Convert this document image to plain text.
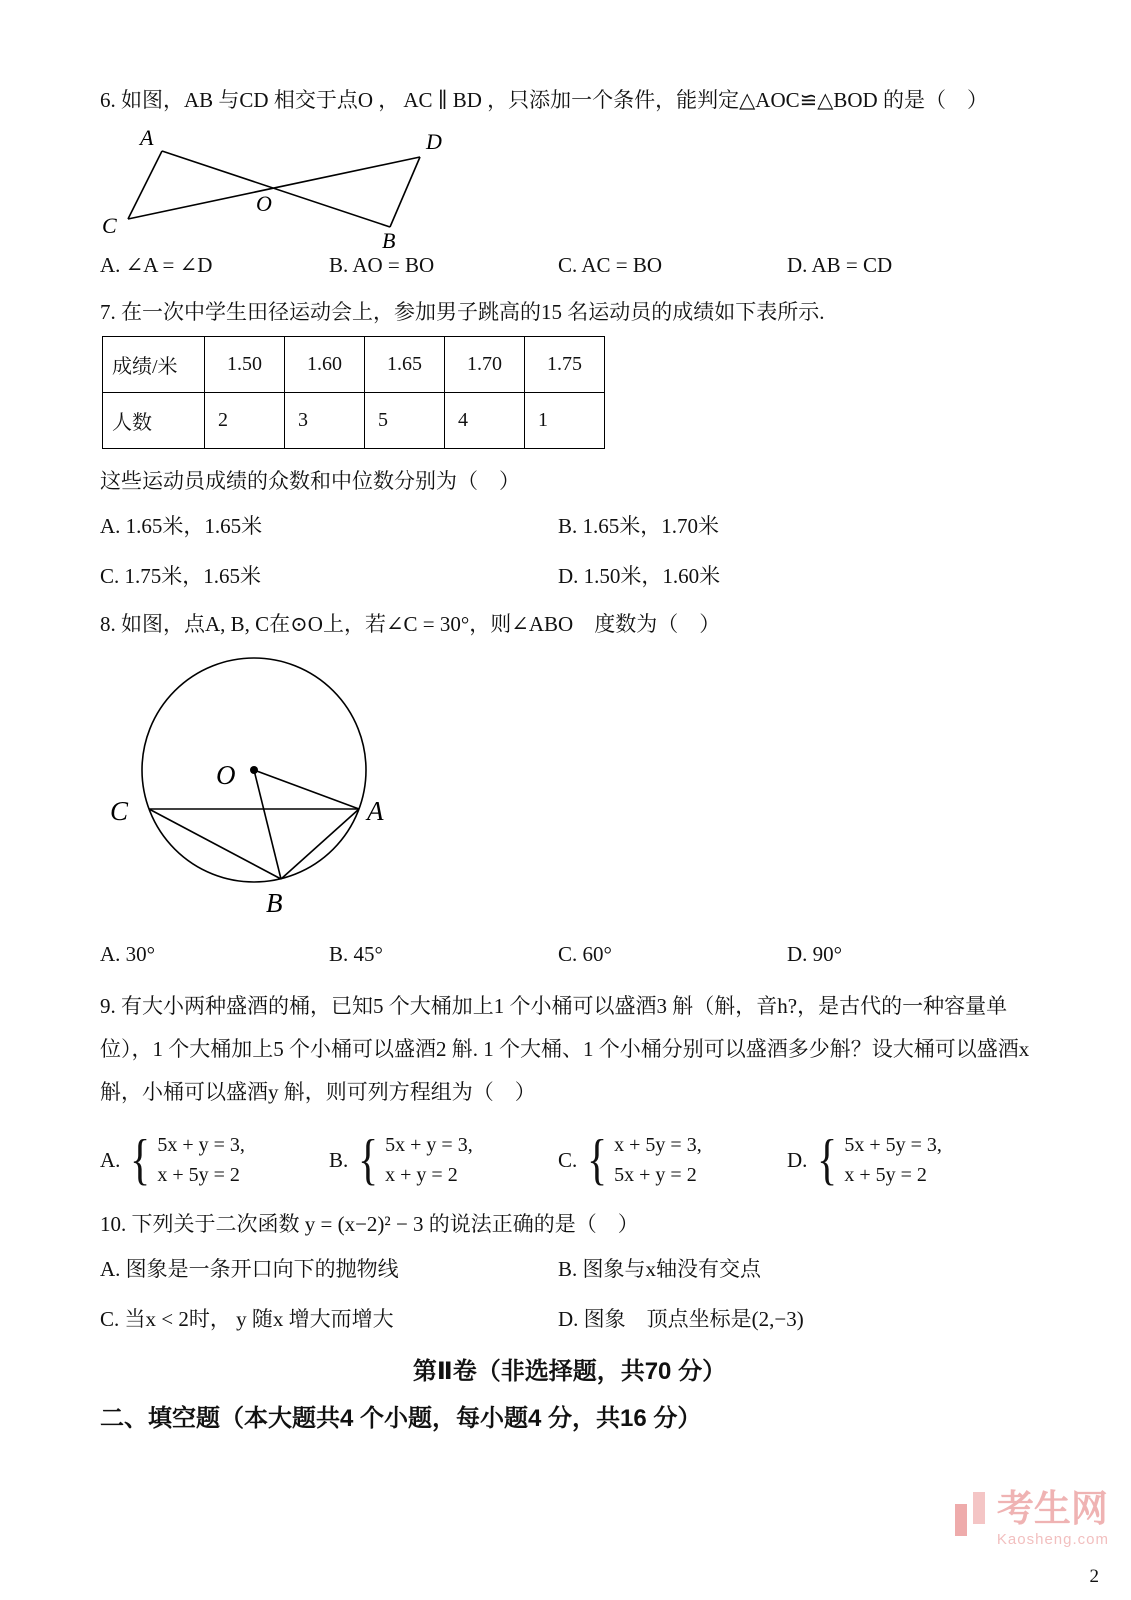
6. 如图，AB 与CD 相交于点O ， AC ∥ BD ，只添加一个条件，能判定△AOC≌△BOD 的是（　）

A	D
C
O
B
A. ∠A = ∠D	B. AO = BO	C. AC = BO	D. AB = CD

7. 在一次中学生田径运动会上，参加男子跳高的15 名运动员的成绩如下表所示.

成绩/米	1.50	1.60	1.65	1.70	1.75
人数	2	3	5	4	1

这些运动员成绩的众数和中位数分别为（　）

A. 1.65米，1.65米	B. 1.65米，1.70米
C. 1.75米，1.65米	D. 1.50米，1.60米

8. 如图，点A, B, C在⊙O上，若∠C = 30°，则∠ABO　度数为（　）

O
C	A
B
A. 30°	B. 45°	C. 60°	D. 90°

9. 有大小两种盛酒的桶，已知5 个大桶加上1 个小桶可以盛酒3 斛（斛，音h?，是古代的一种容量单位），1 个大桶加上5 个小桶可以盛酒2 斛. 1 个大桶、1 个小桶分别可以盛酒多少斛？设大桶可以盛酒x 斛，小桶可以盛酒y 斛，则可列方程组为（　）

A. { 5x + y = 3,
x + 5y = 2
B. { 5x + y = 3,
x + y = 2
C. { x + 5y = 3,
5x + y = 2
D. { 5x + 5y = 3,
x + 5y = 2

10. 下列关于二次函数 y = (x−2)² − 3 的说法正确的是（　）

A. 图象是一条开口向下的抛物线	B. 图象与x轴没有交点
C. 当x < 2时， y 随x 增大而增大	D. 图象　顶点坐标是(2,−3)
第Ⅱ卷（非选择题，共70 分）
二、填空题（本大题共4 个小题，每小题4 分，共16 分）
考生网
Kaosheng.com
2
